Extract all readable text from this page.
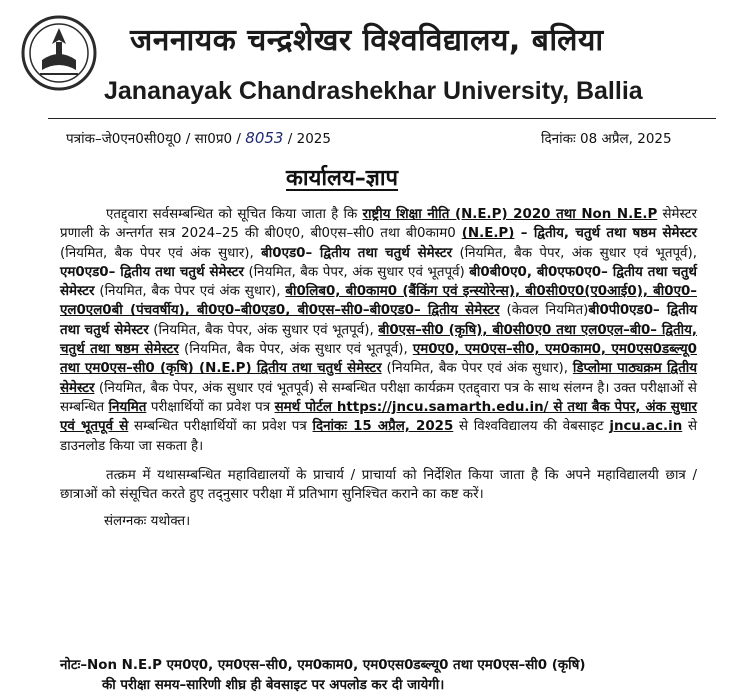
जननायक चन्द्रशेखर विश्वविद्यालय, बलिया
Jananayak Chandrashekhar University, Ballia
पत्रांक–जे0एन0सी0यू0 / सा0प्र0 / 8053 / 2025	दिनांकः 08 अप्रैल, 2025
कार्यालय–ज्ञाप

एतद्द्वारा सर्वसम्बन्धित को सूचित किया जाता है कि राष्ट्रीय शिक्षा नीति (N.E.P) 2020 तथा Non N.E.P सेमेस्टर प्रणाली के अन्तर्गत सत्र 2024–25 की बी0ए0, बी0एस–सी0 तथा बी0काम0 (N.E.P) – द्वितीय, चतुर्थ तथा षष्ठम सेमेस्टर (नियमित, बैक पेपर एवं अंक सुधार), बी0एड0– द्वितीय तथा चतुर्थ सेमेस्टर (नियमित, बैक पेपर, अंक सुधार एवं भूतपूर्व), एम0एड0– द्वितीय तथा चतुर्थ सेमेस्टर (नियमित, बैक पेपर, अंक सुधार एवं भूतपूर्व) बी0बी0ए0, बी0एफ0ए0– द्वितीय तथा चतुर्थ सेमेस्टर (नियमित, बैक पेपर एवं अंक सुधार), बी0लिब0, बी0काम0 (बैंकिंग एवं इन्स्योरेन्स), बी0सी0ए0(ए0आई0), बी0ए0–एल0एल0बी (पंचवर्षीय), बी0ए0–बी0एड0, बी0एस–सी0–बी0एड0– द्वितीय सेमेस्टर (केवल नियमित)बी0पी0एड0– द्वितीय तथा चतुर्थ सेमेस्टर (नियमित, बैक पेपर, अंक सुधार एवं भूतपूर्व), बी0एस–सी0 (कृषि), बी0सी0ए0 तथा एल0एल–बी0– द्वितीय, चतुर्थ तथा षष्ठम सेमेस्टर (नियमित, बैक पेपर, अंक सुधार एवं भूतपूर्व), एम0ए0, एम0एस–सी0, एम0काम0, एम0एस0डब्ल्यू0 तथा एम0एस–सी0 (कृषि) (N.E.P) द्वितीय तथा चतुर्थ सेमेस्टर (नियमित, बैक पेपर एवं अंक सुधार), डिप्लोमा पाठ्यक्रम द्वितीय सेमेस्टर (नियमित, बैक पेपर, अंक सुधार एवं भूतपूर्व) से सम्बन्धित परीक्षा कार्यक्रम एतद्द्वारा पत्र के साथ संलग्न है। उक्त परीक्षाओं से सम्बन्धित नियमित परीक्षार्थियों का प्रवेश पत्र समर्थ पोर्टल https://jncu.samarth.edu.in/ से तथा बैक पेपर, अंक सुधार एवं भूतपूर्व से सम्बन्धित परीक्षार्थियों का प्रवेश पत्र दिनांकः 15 अप्रैल, 2025 से विश्वविद्यालय की वेबसाइट jncu.ac.in से डाउनलोड किया जा सकता है।

तत्क्रम में यथासम्बन्धित महाविद्यालयों के प्राचार्य / प्राचार्या को निर्देशित किया जाता है कि अपने महाविद्यालयी छात्र / छात्राओं को संसूचित करते हुए तद्नुसार परीक्षा में प्रतिभाग सुनिश्चित कराने का कष्ट करें।

संलग्नकः यथोक्त।

नोटः–Non N.E.P एम0ए0, एम0एस–सी0, एम0काम0, एम0एस0डब्ल्यू0 तथा एम0एस–सी0 (कृषि)
की परीक्षा समय–सारिणी शीघ्र ही बेवसाइट पर अपलोड कर दी जायेगी।
